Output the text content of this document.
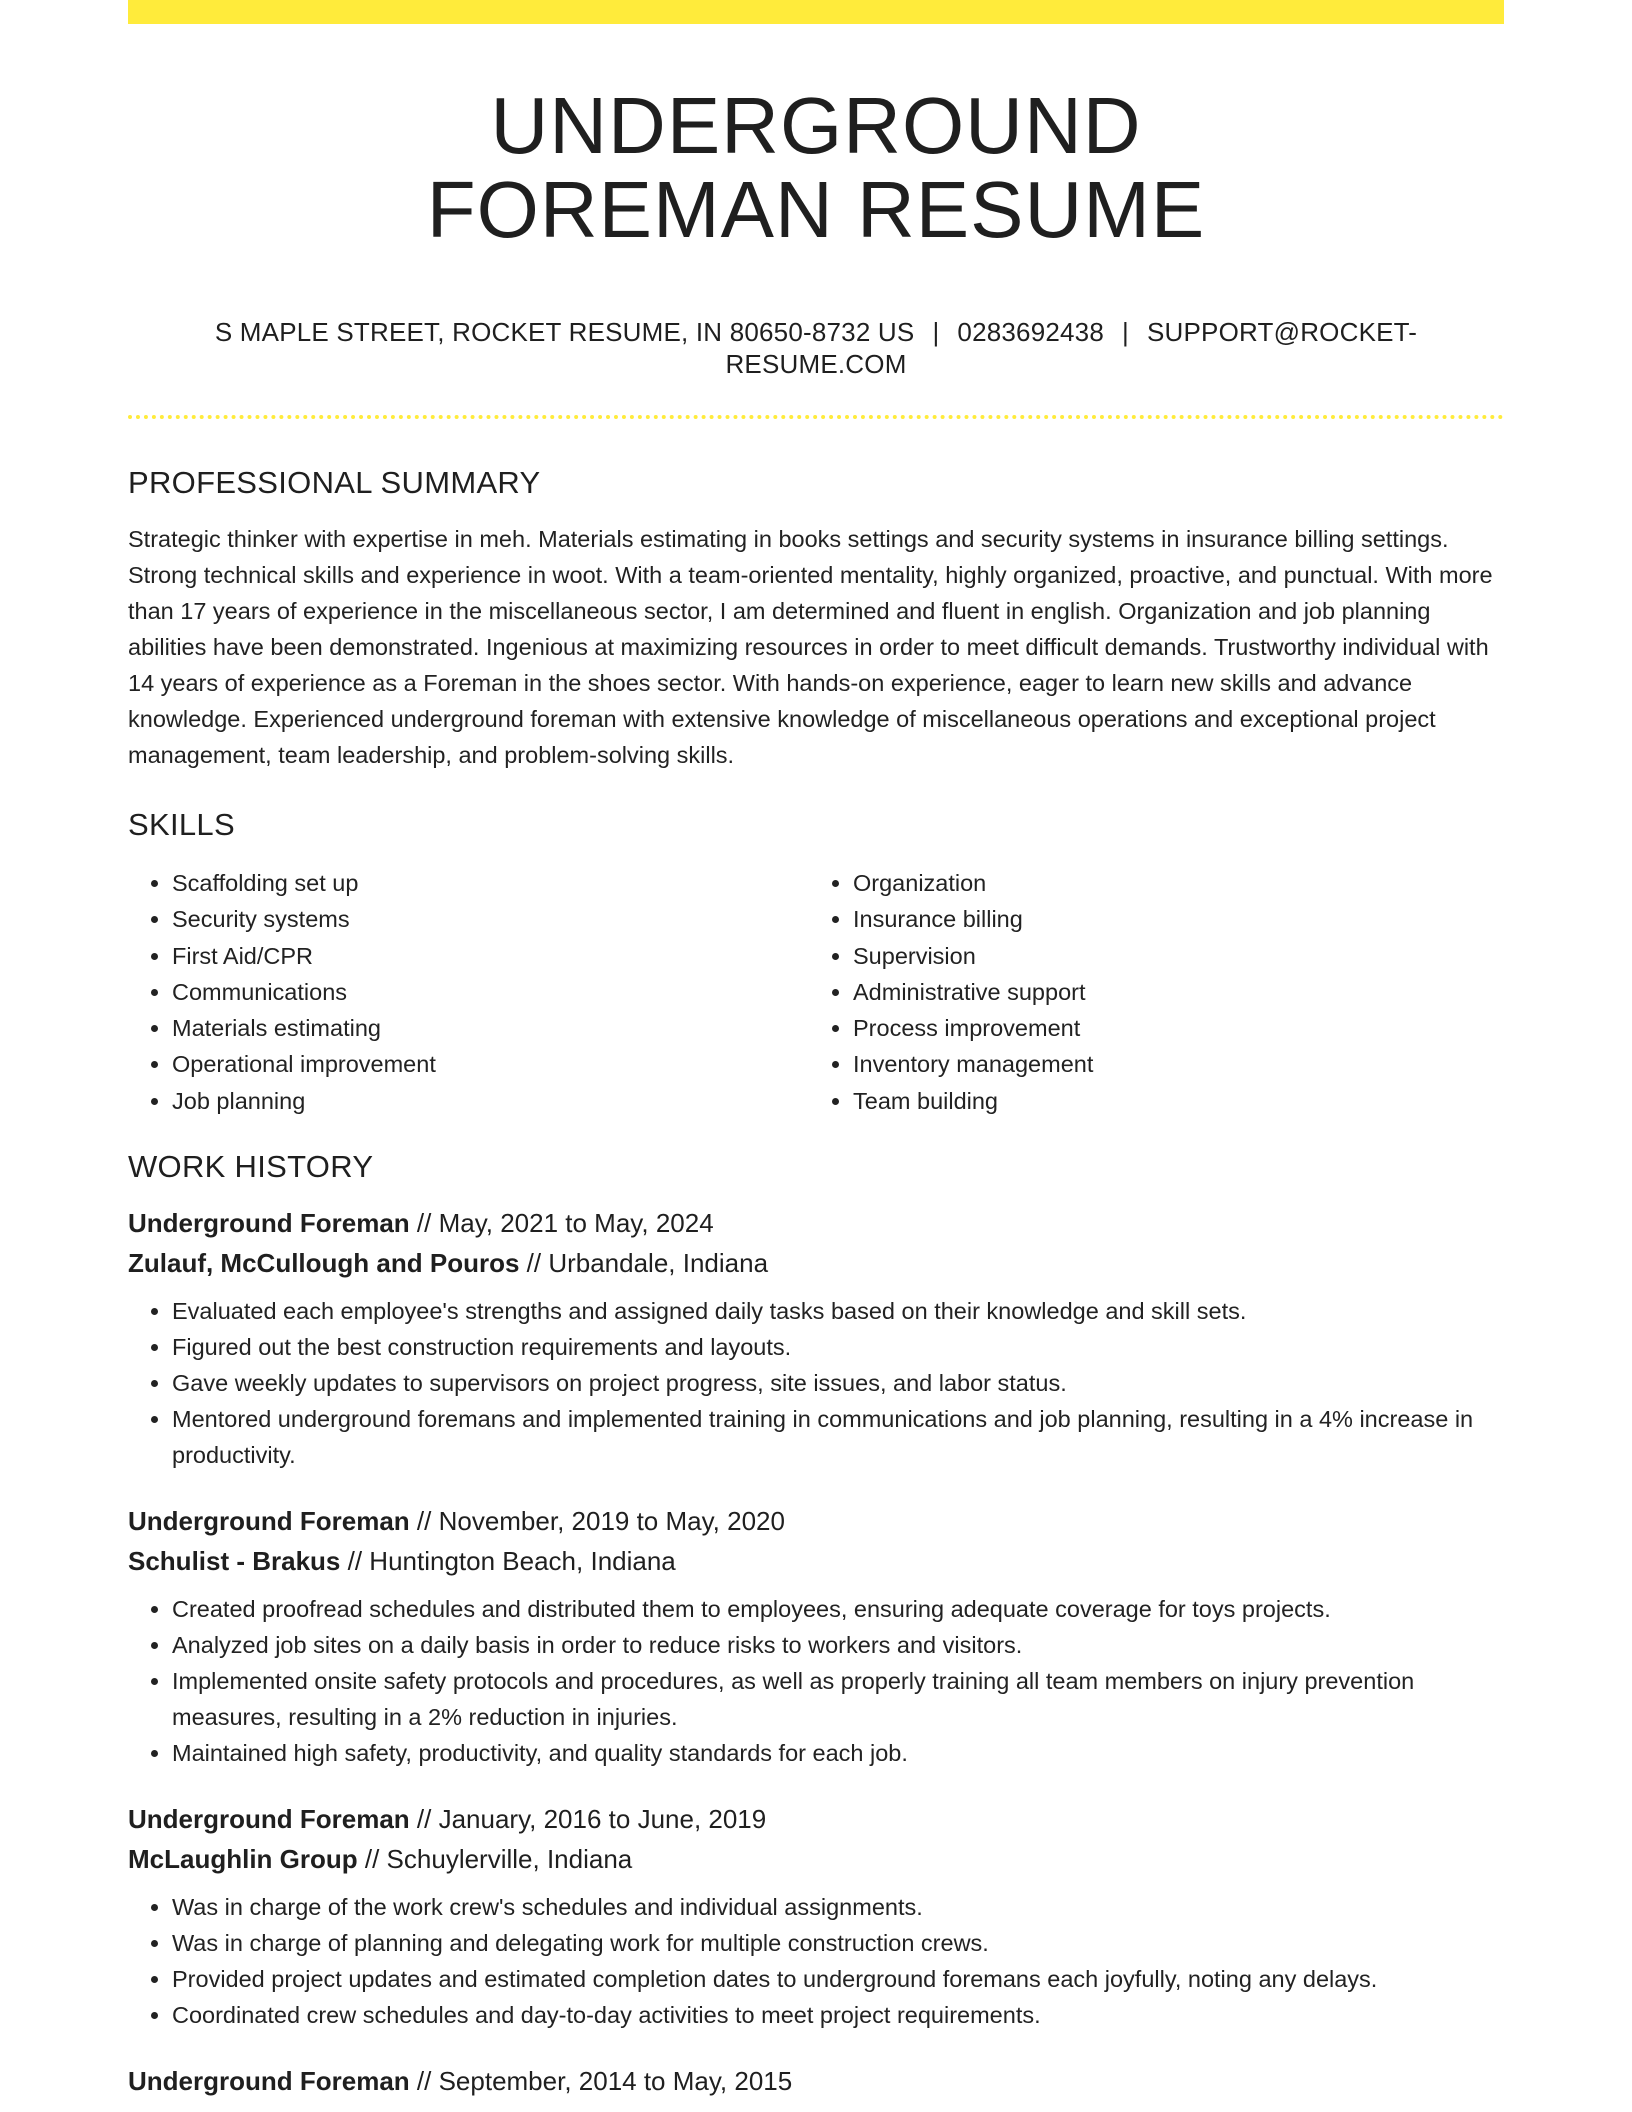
UNDERGROUND
FOREMAN RESUME
S MAPLE STREET, ROCKET RESUME, IN 80650-8732 US | 0283692438 | SUPPORT@ROCKET-RESUME.COM
PROFESSIONAL SUMMARY
Strategic thinker with expertise in meh. Materials estimating in books settings and security systems in insurance billing settings. Strong technical skills and experience in woot. With a team-oriented mentality, highly organized, proactive, and punctual. With more than 17 years of experience in the miscellaneous sector, I am determined and fluent in english. Organization and job planning abilities have been demonstrated. Ingenious at maximizing resources in order to meet difficult demands. Trustworthy individual with 14 years of experience as a Foreman in the shoes sector. With hands-on experience, eager to learn new skills and advance knowledge. Experienced underground foreman with extensive knowledge of miscellaneous operations and exceptional project management, team leadership, and problem-solving skills.
SKILLS
• Scaffolding set up
• Security systems
• First Aid/CPR
• Communications
• Materials estimating
• Operational improvement
• Job planning
• Organization
• Insurance billing
• Supervision
• Administrative support
• Process improvement
• Inventory management
• Team building
WORK HISTORY

Underground Foreman // May, 2021 to May, 2024

Zulauf, McCullough and Pouros // Urbandale, Indiana

• Evaluated each employee's strengths and assigned daily tasks based on their knowledge and skill sets.
• Figured out the best construction requirements and layouts.
• Gave weekly updates to supervisors on project progress, site issues, and labor status.
• Mentored underground foremans and implemented training in communications and job planning, resulting in a 4% increase in productivity.

Underground Foreman // November, 2019 to May, 2020

Schulist - Brakus // Huntington Beach, Indiana

• Created proofread schedules and distributed them to employees, ensuring adequate coverage for toys projects.
• Analyzed job sites on a daily basis in order to reduce risks to workers and visitors.
• Implemented onsite safety protocols and procedures, as well as properly training all team members on injury prevention measures, resulting in a 2% reduction in injuries.
• Maintained high safety, productivity, and quality standards for each job.

Underground Foreman // January, 2016 to June, 2019

McLaughlin Group // Schuylerville, Indiana

• Was in charge of the work crew's schedules and individual assignments.
• Was in charge of planning and delegating work for multiple construction crews.
• Provided project updates and estimated completion dates to underground foremans each joyfully, noting any delays.
• Coordinated crew schedules and day-to-day activities to meet project requirements.

Underground Foreman // September, 2014 to May, 2015
